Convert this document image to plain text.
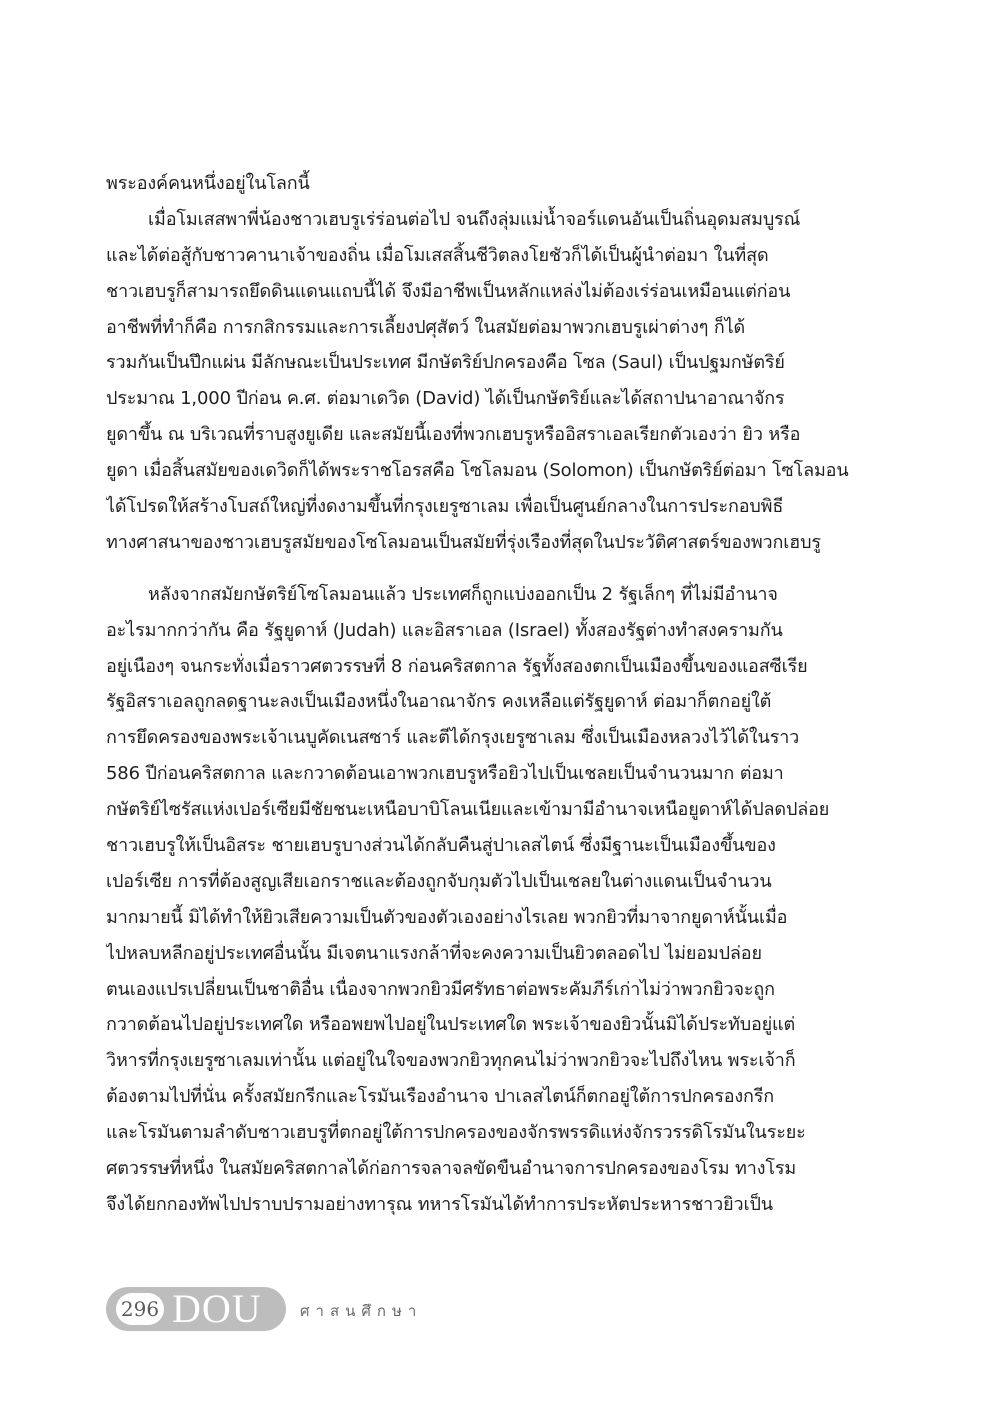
พระองค์คนหนึ่งอยู่ในโลกนี้
เมื่อโมเสสพาพี่น้องชาวเฮบรูเร่ร่อนต่อไป จนถึงลุ่มแม่น้ำจอร์แดนอันเป็นถิ่นอุดมสมบูรณ์
และได้ต่อสู้กับชาวคานาเจ้าของถิ่น เมื่อโมเสสสิ้นชีวิตลงโยชัวก็ได้เป็นผู้นำต่อมา ในที่สุด
ชาวเฮบรูก็สามารถยึดดินแดนแถบนี้ได้ จึงมีอาชีพเป็นหลักแหล่งไม่ต้องเร่ร่อนเหมือนแต่ก่อน
อาชีพที่ทำก็คือ การกสิกรรมและการเลี้ยงปศุสัตว์ ในสมัยต่อมาพวกเฮบรูเผ่าต่างๆ ก็ได้
รวมกันเป็นปึกแผ่น มีลักษณะเป็นประเทศ มีกษัตริย์ปกครองคือ โซล (Saul) เป็นปฐมกษัตริย์
ประมาณ 1,000 ปีก่อน ค.ศ. ต่อมาเดวิด (David) ได้เป็นกษัตริย์และได้สถาปนาอาณาจักร
ยูดาขึ้น ณ บริเวณที่ราบสูงยูเดีย และสมัยนี้เองที่พวกเฮบรูหรืออิสราเอลเรียกตัวเองว่า ยิว หรือ
ยูดา เมื่อสิ้นสมัยของเดวิดก็ได้พระราชโอรสคือ โซโลมอน (Solomon) เป็นกษัตริย์ต่อมา โซโลมอน
ได้โปรดให้สร้างโบสถ์ใหญ่ที่งดงามขึ้นที่กรุงเยรูซาเลม เพื่อเป็นศูนย์กลางในการประกอบพิธี
ทางศาสนาของชาวเฮบรูสมัยของโซโลมอนเป็นสมัยที่รุ่งเรืองที่สุดในประวัติศาสตร์ของพวกเฮบรู
หลังจากสมัยกษัตริย์โซโลมอนแล้ว ประเทศก็ถูกแบ่งออกเป็น 2 รัฐเล็กๆ ที่ไม่มีอำนาจ
อะไรมากกว่ากัน คือ รัฐยูดาห์ (Judah) และอิสราเอล (Israel) ทั้งสองรัฐต่างทำสงครามกัน
อยู่เนืองๆ จนกระทั่งเมื่อราวศตวรรษที่ 8 ก่อนคริสตกาล รัฐทั้งสองตกเป็นเมืองขึ้นของแอสซีเรีย
รัฐอิสราเอลถูกลดฐานะลงเป็นเมืองหนึ่งในอาณาจักร คงเหลือแต่รัฐยูดาห์ ต่อมาก็ตกอยู่ใต้
การยึดครองของพระเจ้าเนบูคัดเนสซาร์ และตีได้กรุงเยรูซาเลม ซึ่งเป็นเมืองหลวงไว้ได้ในราว
586 ปีก่อนคริสตกาล และกวาดต้อนเอาพวกเฮบรูหรือยิวไปเป็นเชลยเป็นจำนวนมาก ต่อมา
กษัตริย์ไซรัสแห่งเปอร์เซียมีชัยชนะเหนือบาบิโลนเนียและเข้ามามีอำนาจเหนือยูดาห์ได้ปลดปล่อย
ชาวเฮบรูให้เป็นอิสระ ชายเฮบรูบางส่วนได้กลับคืนสู่ปาเลสไตน์ ซึ่งมีฐานะเป็นเมืองขึ้นของ
เปอร์เซีย การที่ต้องสูญเสียเอกราชและต้องถูกจับกุมตัวไปเป็นเชลยในต่างแดนเป็นจำนวน
มากมายนี้ มิได้ทำให้ยิวเสียความเป็นตัวของตัวเองอย่างไรเลย พวกยิวที่มาจากยูดาห์นั้นเมื่อ
ไปหลบหลีกอยู่ประเทศอื่นนั้น มีเจตนาแรงกล้าที่จะคงความเป็นยิวตลอดไป ไม่ยอมปล่อย
ตนเองแปรเปลี่ยนเป็นชาติอื่น เนื่องจากพวกยิวมีศรัทธาต่อพระคัมภีร์เก่าไม่ว่าพวกยิวจะถูก
กวาดต้อนไปอยู่ประเทศใด หรืออพยพไปอยู่ในประเทศใด พระเจ้าของยิวนั้นมิได้ประทับอยู่แต่
วิหารที่กรุงเยรูซาเลมเท่านั้น แต่อยู่ในใจของพวกยิวทุกคนไม่ว่าพวกยิวจะไปถึงไหน พระเจ้าก็
ต้องตามไปที่นั่น ครั้งสมัยกรีกและโรมันเรืองอำนาจ ปาเลสไตน์ก็ตกอยู่ใต้การปกครองกรีก
และโรมันตามลำดับชาวเฮบรูที่ตกอยู่ใต้การปกครองของจักรพรรดิแห่งจักรวรรดิโรมันในระยะ
ศตวรรษที่หนึ่ง ในสมัยคริสตกาลได้ก่อการจลาจลขัดขืนอำนาจการปกครองของโรม ทางโรม
จึงได้ยกกองทัพไปปราบปรามอย่างทารุณ ทหารโรมันได้ทำการประหัตประหารชาวยิวเป็น
296 DOU	ศาสนศึกษา
